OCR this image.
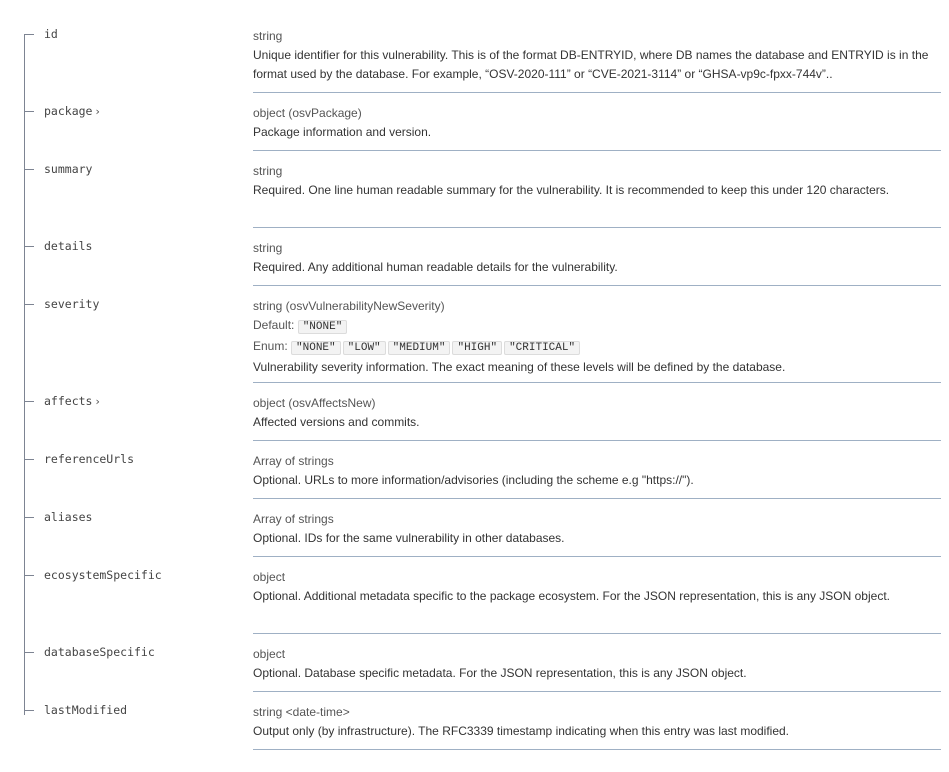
id	string
Unique identifier for this vulnerability. This is of the format DB-ENTRYID, where DB names the database and ENTRYID is in the format used by the database. For example, “OSV-2020-111” or “CVE-2021-3114” or “GHSA-vp9c-fpxx-744v”..
package ›	object (osvPackage)
Package information and version.
summary	string
Required. One line human readable summary for the vulnerability. It is recommended to keep this under 120 characters.
details	string
Required. Any additional human readable details for the vulnerability.
severity	string (osvVulnerabilityNewSeverity)
Default: "NONE"
Enum: "NONE" "LOW" "MEDIUM" "HIGH" "CRITICAL"
Vulnerability severity information. The exact meaning of these levels will be defined by the database.
affects ›	object (osvAffectsNew)
Affected versions and commits.
referenceUrls	Array of strings
Optional. URLs to more information/advisories (including the scheme e.g "https://").
aliases	Array of strings
Optional. IDs for the same vulnerability in other databases.
ecosystemSpecific	object
Optional. Additional metadata specific to the package ecosystem. For the JSON representation, this is any JSON object.
databaseSpecific	object
Optional. Database specific metadata. For the JSON representation, this is any JSON object.
lastModified	string <date-time>
Output only (by infrastructure). The RFC3339 timestamp indicating when this entry was last modified.
